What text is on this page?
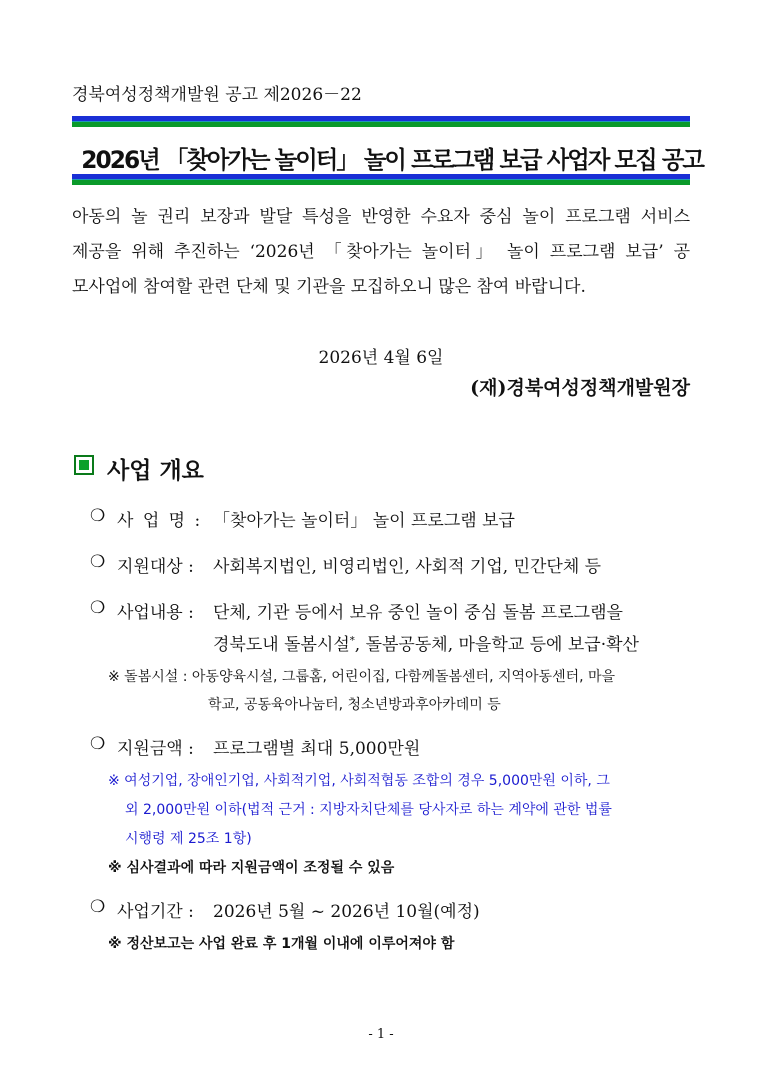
경북여성정책개발원 공고 제2026－22
2026년 「찾아가는 놀이터」 놀이 프로그램 보급 사업자 모집 공고
아동의 놀 권리 보장과 발달 특성을 반영한 수요자 중심 놀이 프로그램 서비스
제공을 위해 추진하는 ‘2026년 「찾아가는 놀이터」 놀이 프로그램 보급’ 공
모사업에 참여할 관련 단체 및 기관을 모집하오니 많은 참여 바랍니다.
2026년 4월 6일
(재)경북여성정책개발원장
사업 개요
❍ 사 업 명 : 「찾아가는 놀이터」 놀이 프로그램 보급
❍ 지원대상 : 사회복지법인, 비영리법인, 사회적 기업, 민간단체 등
❍ 사업내용 : 단체, 기관 등에서 보유 중인 놀이 중심 돌봄 프로그램을
경북도내 돌봄시설*, 돌봄공동체, 마을학교 등에 보급·확산
※ 돌봄시설 : 아동양육시설, 그룹홈, 어린이집, 다함께돌봄센터, 지역아동센터, 마을
학교, 공동육아나눔터, 청소년방과후아카데미 등
❍ 지원금액 : 프로그램별 최대 5,000만원
※ 여성기업, 장애인기업, 사회적기업, 사회적협동 조합의 경우 5,000만원 이하, 그
외 2,000만원 이하(법적 근거 : 지방자치단체를 당사자로 하는 계약에 관한 법률
시행령 제 25조 1항)
※ 심사결과에 따라 지원금액이 조정될 수 있음
❍ 사업기간 : 2026년 5월 ~ 2026년 10월(예정)
※ 정산보고는 사업 완료 후 1개월 이내에 이루어져야 함
- 1 -
